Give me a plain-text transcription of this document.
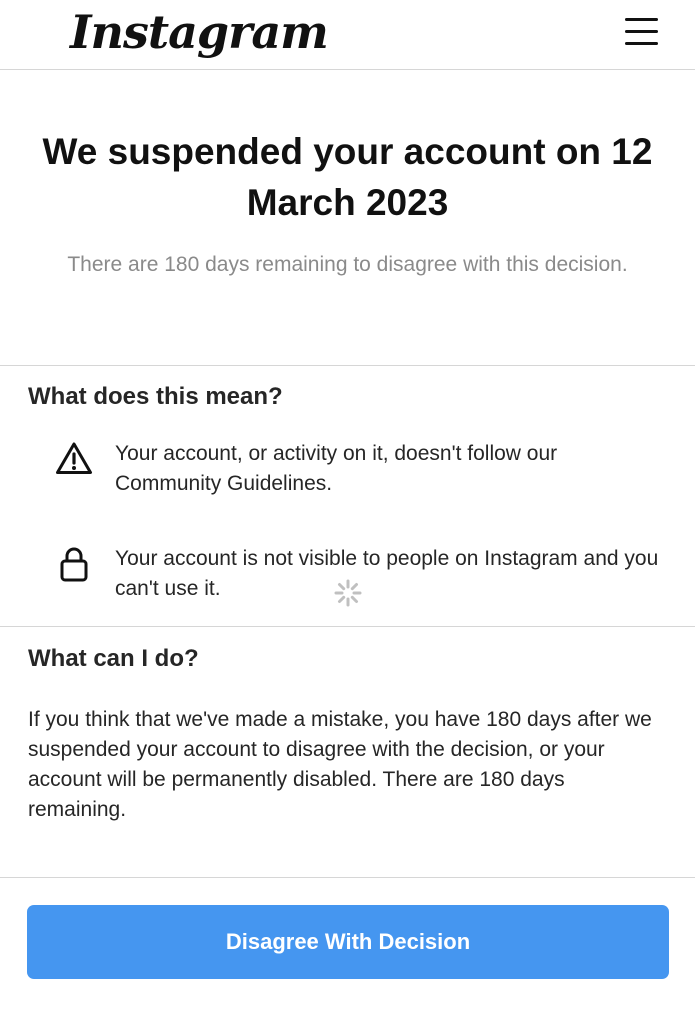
Instagram
We suspended your account on 12 March 2023

There are 180 days remaining to disagree with this decision.

What does this mean?

Your account, or activity on it, doesn't follow our Community Guidelines.

Your account is not visible to people on Instagram and you can't use it.

What can I do?

If you think that we've made a mistake, you have 180 days after we suspended your account to disagree with the decision, or your account will be permanently disabled. There are 180 days remaining.

Disagree With Decision
